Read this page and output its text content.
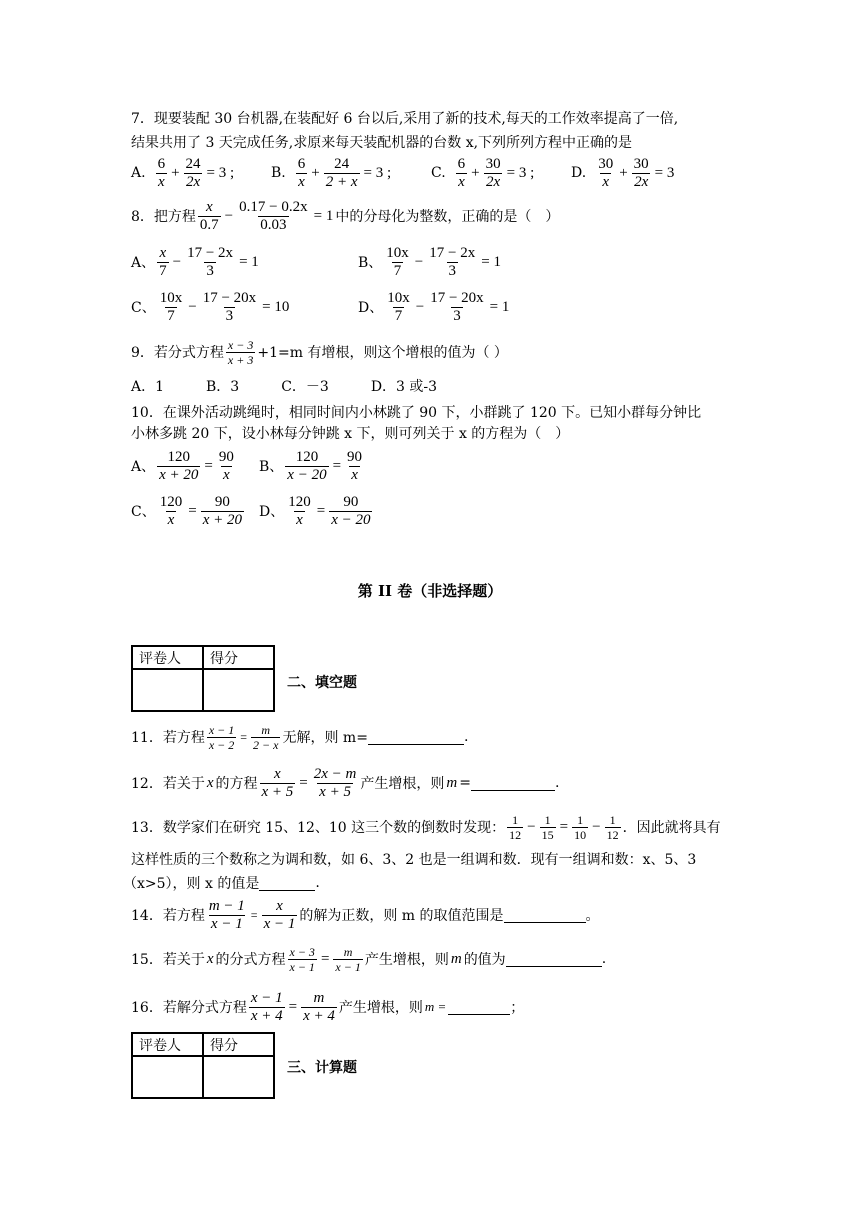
7．现要装配 30 台机器,在装配好 6 台以后,采用了新的技术,每天的工作效率提高了一倍,
结果共用了 3 天完成任务,求原来每天装配机器的台数 x,下列所列方程中正确的是
A. $\frac{6}{x} + \frac{24}{2x} = 3$ ;	B. $\frac{6}{x} + \frac{24}{2 + x} = 3$ ;	C. $\frac{6}{x} + \frac{30}{2x} = 3$ ;	D. $\frac{30}{x} + \frac{30}{2x} = 3$
8．把方程 $\frac{x}{0.7} - \frac{0.17 - 0.2x}{0.03} = 1$ 中的分母化为整数，正确的是（　）
A、 $\frac{x}{7} - \frac{17 - 2x}{3} = 1$	B、 $\frac{10x}{7} - \frac{17 - 2x}{3} = 1$
C、 $\frac{10x}{7} - \frac{17 - 20x}{3} = 10$	D、 $\frac{10x}{7} - \frac{17 - 20x}{3} = 1$
9．若分式方程 $\frac{x - 3}{x + 3} +1=m$ 有增根，则这个增根的值为（ ）
A．1　　　B．3　　　C．－3　　　D．3 或-3
10．在课外活动跳绳时，相同时间内小林跳了 90 下，小群跳了 120 下。已知小群每分钟比
小林多跳 20 下，设小林每分钟跳 x 下，则可列关于 x 的方程为（　）
A、 $\frac{120}{x + 20} = \frac{90}{x}$ B、 $\frac{120}{x - 20} = \frac{90}{x}$
C、 $\frac{120}{x} = \frac{90}{x + 20}$ D、 $\frac{120}{x} = \frac{90}{x - 20}$
第 II 卷（非选择题）
评卷人	得分

二、填空题
11．若方程 $\frac{x - 1}{x - 2} = \frac{m}{2 - x}$ 无解，则 m=	.
12．若关于 x 的方程 $\frac{x}{x + 5} = \frac{2x - m}{x + 5}$ 产生增根，则 m =	.
13．数学家们在研究 15、12、10 这三个数的倒数时发现： $\frac{1}{12} - \frac{1}{15} = \frac{1}{10} - \frac{1}{12}$ ．因此就将具有
这样性质的三个数称之为调和数，如 6、3、2 也是一组调和数．现有一组调和数：x、5、3
（x>5），则 x 的值是	.
14．若方程 $\frac{m - 1}{x - 1} = \frac{x}{x - 1}$ 的解为正数，则 m 的取值范围是	。
15．若关于 x 的分式方程 $\frac{x - 3}{x - 1} = \frac{m}{x - 1}$ 产生增根，则 m 的值为	.
16．若解分式方程 $\frac{x - 1}{x + 4} = \frac{m}{x + 4}$ 产生增根，则 m =	；
评卷人	得分

三、计算题
